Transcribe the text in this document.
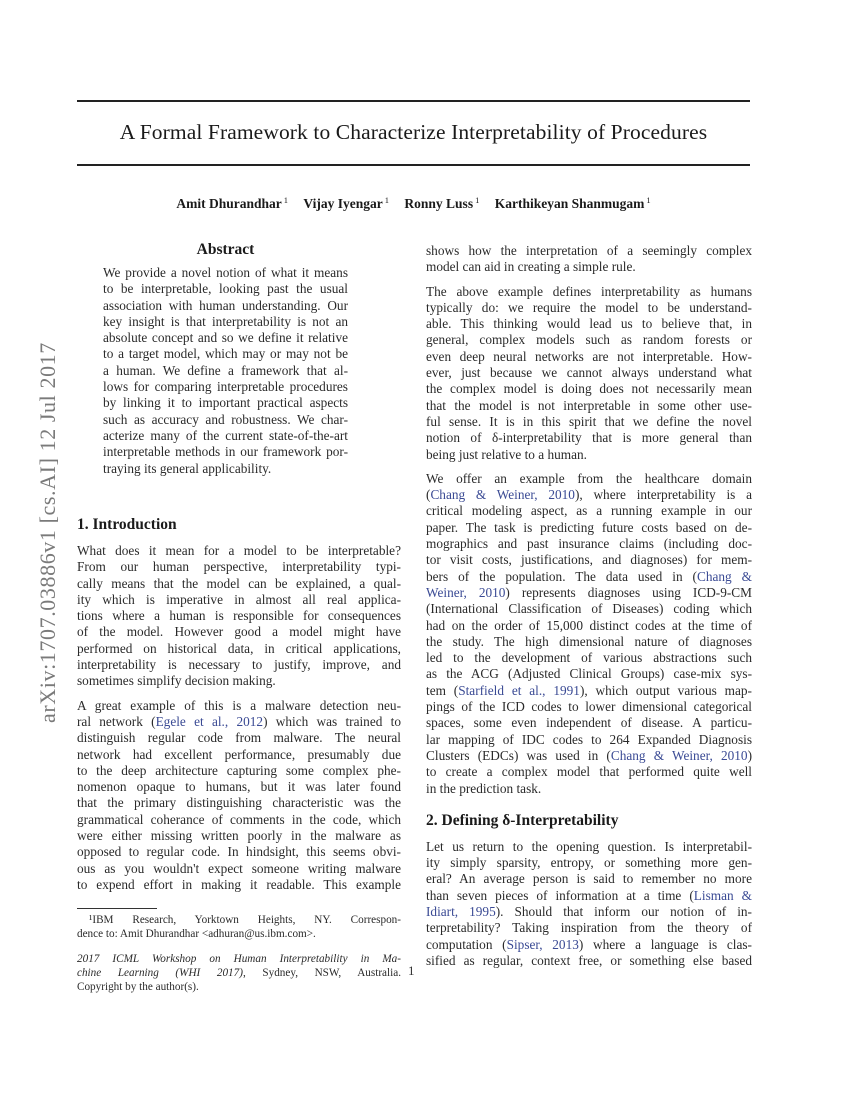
A Formal Framework to Characterize Interpretability of Procedures
Amit Dhurandhar $^1$ Vijay Iyengar $^1$ Ronny Luss $^1$ Karthikeyan Shanmugam $^1$
arXiv:1707.03886v1 [cs.AI] 12 Jul 2017
Abstract
We provide a novel notion of what it means
to be interpretable, looking past the usual
association with human understanding. Our
key insight is that interpretability is not an
absolute concept and so we define it relative
to a target model, which may or may not be
a human. We define a framework that al-
lows for comparing interpretable procedures
by linking it to important practical aspects
such as accuracy and robustness. We char-
acterize many of the current state-of-the-art
interpretable methods in our framework por-
traying its general applicability.
1. Introduction
What does it mean for a model to be interpretable?
From our human perspective, interpretability typi-
cally means that the model can be explained, a qual-
ity which is imperative in almost all real applica-
tions where a human is responsible for consequences
of the model. However good a model might have
performed on historical data, in critical applications,
interpretability is necessary to justify, improve, and
sometimes simplify decision making.
A great example of this is a malware detection neu-
ral network (Egele et al., 2012) which was trained to
distinguish regular code from malware. The neural
network had excellent performance, presumably due
to the deep architecture capturing some complex phe-
nomenon opaque to humans, but it was later found
that the primary distinguishing characteristic was the
grammatical coherance of comments in the code, which
were either missing written poorly in the malware as
opposed to regular code. In hindsight, this seems obvi-
ous as you wouldn't expect someone writing malware
to expend effort in making it readable. This example
¹IBM Research, Yorktown Heights, NY. Correspon-
dence to: Amit Dhurandhar <adhuran@us.ibm.com>.
2017 ICML Workshop on Human Interpretability in Ma-
chine Learning (WHI 2017), Sydney, NSW, Australia.
Copyright by the author(s).
1
shows how the interpretation of a seemingly complex
model can aid in creating a simple rule.
The above example defines interpretability as humans
typically do: we require the model to be understand-
able. This thinking would lead us to believe that, in
general, complex models such as random forests or
even deep neural networks are not interpretable. How-
ever, just because we cannot always understand what
the complex model is doing does not necessarily mean
that the model is not interpretable in some other use-
ful sense. It is in this spirit that we define the novel
notion of δ-interpretability that is more general than
being just relative to a human.
We offer an example from the healthcare domain
(Chang & Weiner, 2010), where interpretability is a
critical modeling aspect, as a running example in our
paper. The task is predicting future costs based on de-
mographics and past insurance claims (including doc-
tor visit costs, justifications, and diagnoses) for mem-
bers of the population. The data used in (Chang &
Weiner, 2010) represents diagnoses using ICD-9-CM
(International Classification of Diseases) coding which
had on the order of 15,000 distinct codes at the time of
the study. The high dimensional nature of diagnoses
led to the development of various abstractions such
as the ACG (Adjusted Clinical Groups) case-mix sys-
tem (Starfield et al., 1991), which output various map-
pings of the ICD codes to lower dimensional categorical
spaces, some even independent of disease. A particu-
lar mapping of IDC codes to 264 Expanded Diagnosis
Clusters (EDCs) was used in (Chang & Weiner, 2010)
to create a complex model that performed quite well
in the prediction task.
2. Defining δ-Interpretability
Let us return to the opening question. Is interpretabil-
ity simply sparsity, entropy, or something more gen-
eral? An average person is said to remember no more
than seven pieces of information at a time (Lisman &
Idiart, 1995). Should that inform our notion of in-
terpretability? Taking inspiration from the theory of
computation (Sipser, 2013) where a language is clas-
sified as regular, context free, or something else based
